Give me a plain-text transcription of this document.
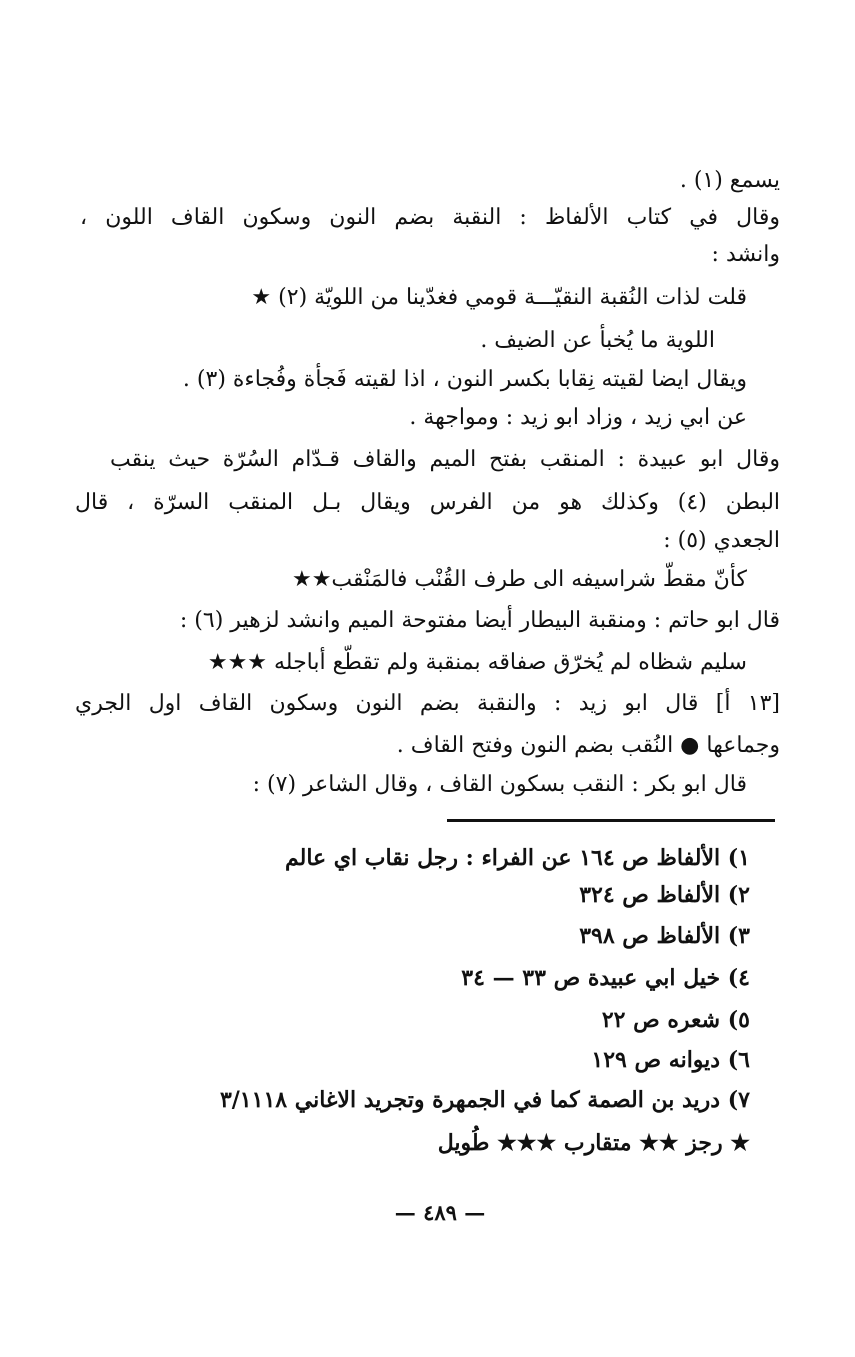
يسمع (١) .
وقال في كتاب الألفاظ : النقبة بضم النون وسكون القاف اللون ،
وانشد :
قلت لذات النُقبة النقيّـــة قومي فغدّينا من اللويّة (٢) ★
اللوية ما يُخبأ عن الضيف .
ويقال ايضا لقيته نِقابا بكسر النون ، اذا لقيته فَجأة وفُجاءة (٣) .
عن ابي زيد ، وزاد ابو زيد : ومواجهة .
وقال ابو عبيدة : المنقب بفتح الميم والقاف قـدّام السُرّة حيث ينقب
البطن (٤) وكذلك هو من الفرس ويقال بـل المنقب السرّة ، قال
الجعدي (٥) :
كأنّ مقطّ شراسيفه الى طرف القُنْب فالمَنْقب★★
قال ابو حاتم : ومنقبة البيطار أيضا مفتوحة الميم وانشد لزهير (٦) :
سليم شظاه لم يُخرّق صفاقه بمنقبة ولم تقطّع أباجله ★★★
[١٣ أ] قال ابو زيد : والنقبة بضم النون وسكون القاف اول الجري
وجماعها ● النُقب بضم النون وفتح القاف .
قال ابو بكر : النقب بسكون القاف ، وقال الشاعر (٧) :
١) الألفاظ ص ١٦٤ عن الفراء : رجل نقاب اي عالم
٢) الألفاظ ص ٣٢٤
٣) الألفاظ ص ٣٩٨
٤) خيل ابي عبيدة ص ٣٣ — ٣٤
٥) شعره ص ٢٢
٦) ديوانه ص ١٢٩
٧) دريد بن الصمة كما في الجمهرة وتجريد الاغاني ٣/١١١٨
★ رجز ★★ متقارب ★★★ طُويل
— ٤٨٩ —
